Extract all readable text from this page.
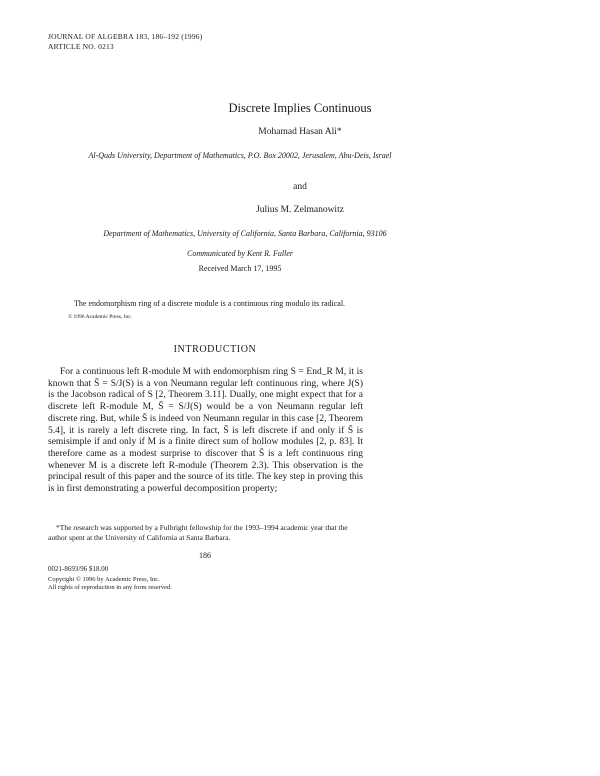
JOURNAL OF ALGEBRA 183, 186–192 (1996)
ARTICLE NO. 0213
Discrete Implies Continuous
Mohamad Hasan Ali*
Al-Quds University, Department of Mathematics, P.O. Box 20002, Jerusalem, Abu-Deis, Israel
and
Julius M. Zelmanowitz
Department of Mathematics, University of California, Santa Barbara, California, 93106
Communicated by Kent R. Fuller
Received March 17, 1995
The endomorphism ring of a discrete module is a continuous ring modulo its radical. © 1996 Academic Press, Inc.
INTRODUCTION

For a continuous left R-module M with endomorphism ring S = End_R M, it is known that S̄ = S/J(S) is a von Neumann regular left continuous ring, where J(S) is the Jacobson radical of S [2, Theorem 3.11]. Dually, one might expect that for a discrete left R-module M, S̄ = S/J(S) would be a von Neumann regular left discrete ring. But, while S̄ is indeed von Neumann regular in this case [2, Theorem 5.4], it is rarely a left discrete ring. In fact, S̄ is left discrete if and only if S̄ is semisimple if and only if M is a finite direct sum of hollow modules [2, p. 83]. It therefore came as a modest surprise to discover that S̄ is a left continuous ring whenever M is a discrete left R-module (Theorem 2.3). This observation is the principal result of this paper and the source of its title. The key step in proving this is in first demonstrating a powerful decomposition property;

*The research was supported by a Fulbright fellowship for the 1993–1994 academic year that the author spent at the University of California at Santa Barbara.

186
0021-8693/96 $18.00
Copyright © 1996 by Academic Press, Inc.
All rights of reproduction in any form reserved.
